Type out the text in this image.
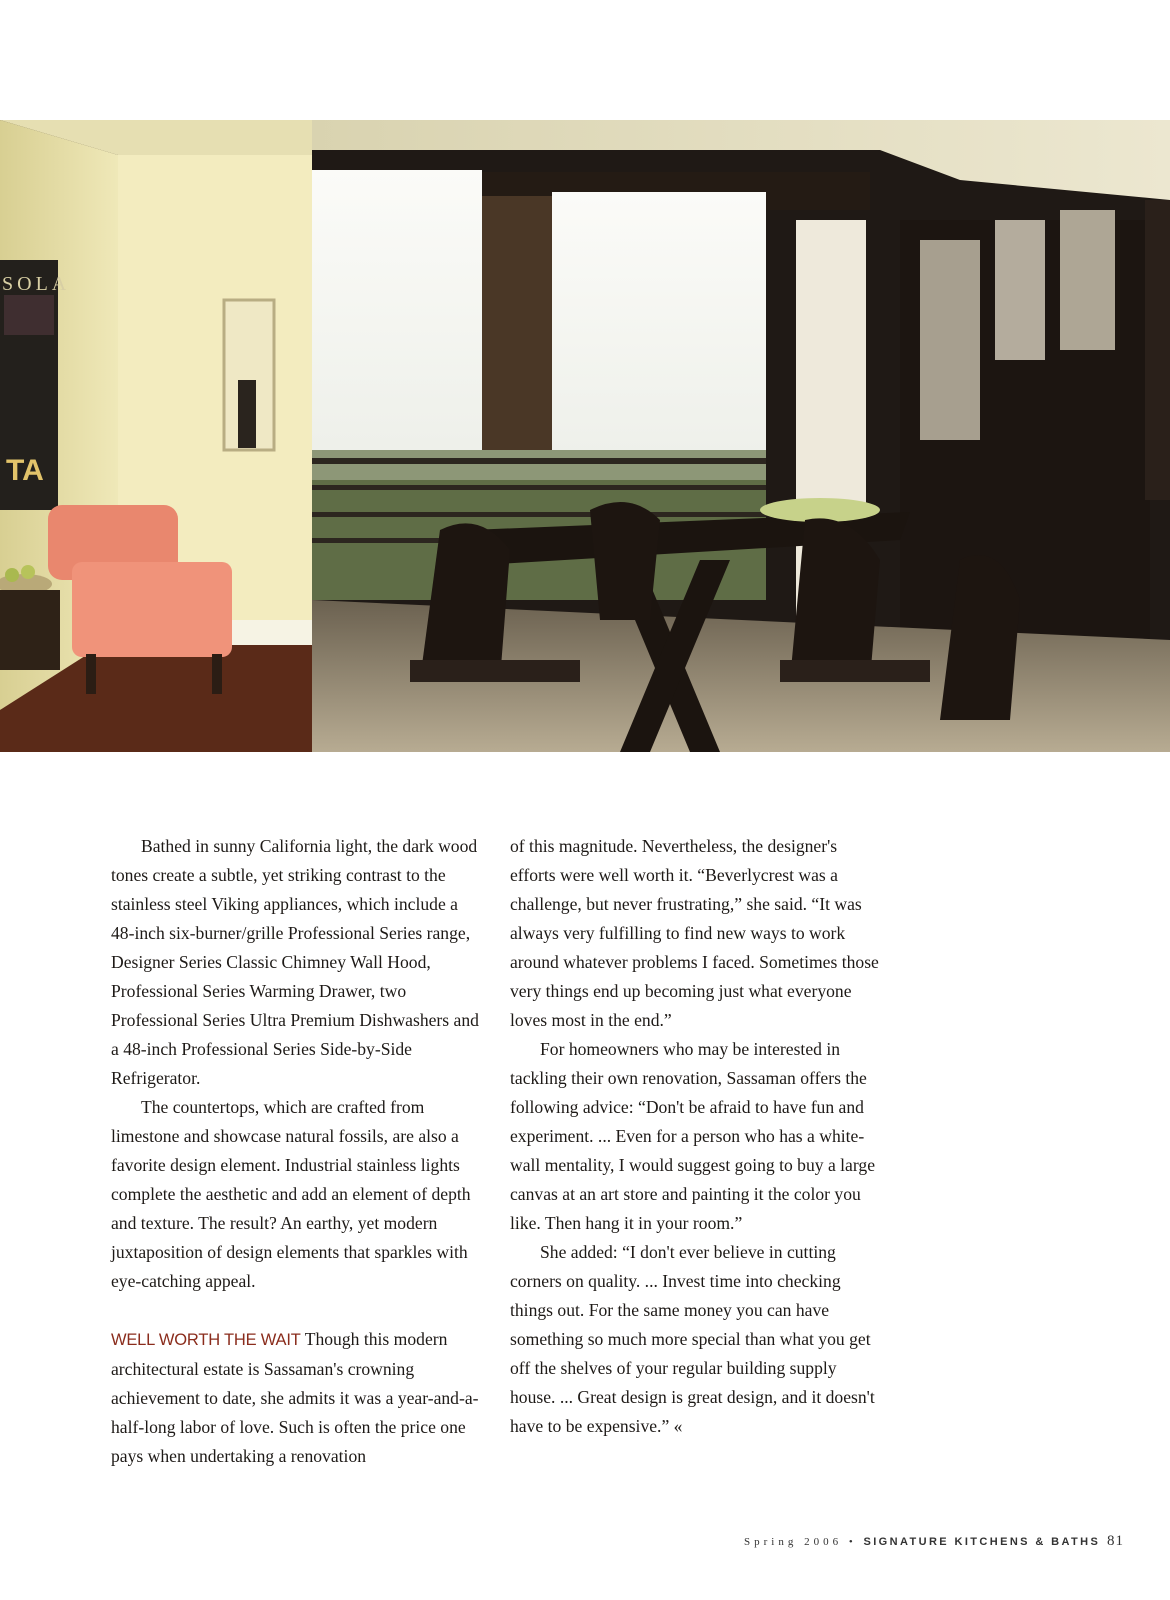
SOLA
TA

Bathed in sunny California light, the dark wood tones create a subtle, yet striking contrast to the stainless steel Viking appliances, which include a 48-inch six-burner/grille Professional Series range, Designer Series Classic Chimney Wall Hood, Professional Series Warming Drawer, two Professional Series Ultra Premium Dishwashers and a 48-inch Professional Series Side-by-Side Refrigerator.

The countertops, which are crafted from limestone and showcase natural fossils, are also a favorite design element. Industrial stainless lights complete the aesthetic and add an element of depth and texture. The result? An earthy, yet modern juxtaposition of design elements that sparkles with eye-catching appeal.

WELL WORTH THE WAIT Though this modern architectural estate is Sassaman's crowning achievement to date, she admits it was a year-and-a-half-long labor of love. Such is often the price one pays when undertaking a renovation

of this magnitude. Nevertheless, the designer's efforts were well worth it. “Beverlycrest was a challenge, but never frustrating,” she said. “It was always very fulfilling to find new ways to work around whatever problems I faced. Sometimes those very things end up becoming just what everyone loves most in the end.”

For homeowners who may be interested in tackling their own renovation, Sassaman offers the following advice: “Don't be afraid to have fun and experiment. ... Even for a person who has a white-wall mentality, I would suggest going to buy a large canvas at an art store and painting it the color you like. Then hang it in your room.”

She added: “I don't ever believe in cutting corners on quality. ... Invest time into checking things out. For the same money you can have something so much more special than what you get off the shelves of your regular building supply house. ... Great design is great design, and it doesn't have to be expensive.” «

Spring 2006 • SIGNATURE KITCHENS & BATHS 81
